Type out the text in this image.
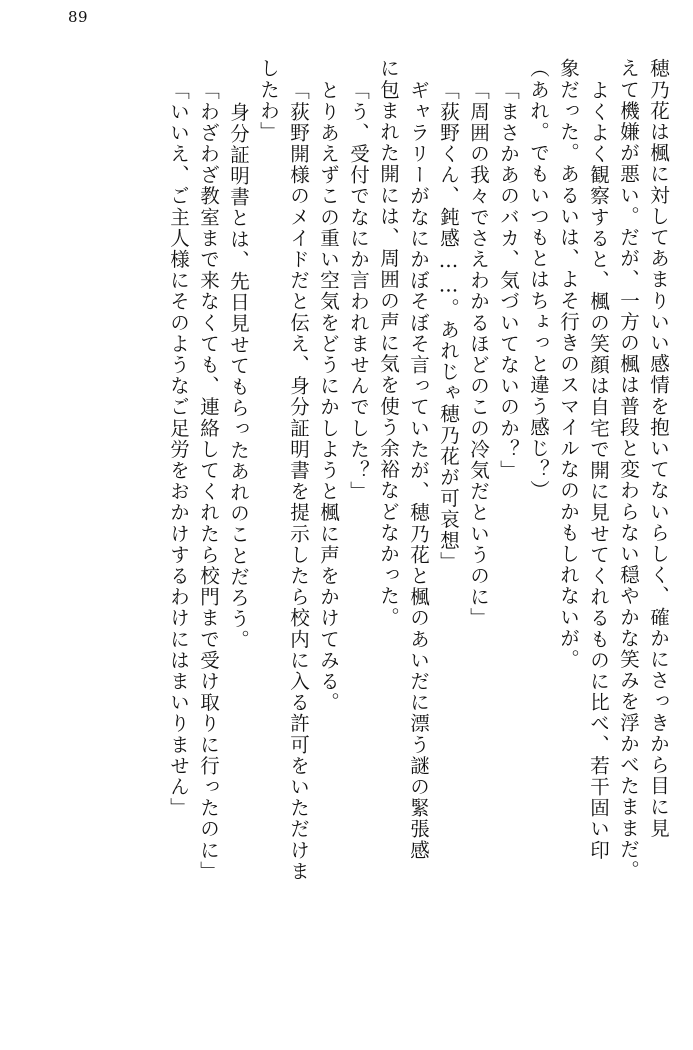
89
穂乃花は楓に対してあまりいい感情を抱いてないらしく、確かにさっきから目に見
えて機嫌が悪い。だが、一方の楓は普段と変わらない穏やかな笑みを浮かべたままだ。
よくよく観察すると、楓の笑顔は自宅で開に見せてくれるものに比べ、若干固い印
象だった。あるいは、よそ行きのスマイルなのかもしれないが。
（あれ。でもいつもとはちょっと違う感じ？）
「まさかあのバカ、気づいてないのか？」
「周囲の我々でさえわかるほどのこの冷気だというのに」
「荻野くん、鈍感……。あれじゃ穂乃花が可哀想」
ギャラリーがなにかぼそぼそ言っていたが、穂乃花と楓のあいだに漂う謎の緊張感
に包まれた開には、周囲の声に気を使う余裕などなかった。
「う、受付でなにか言われませんでした？」
とりあえずこの重い空気をどうにかしようと楓に声をかけてみる。
「荻野開様のメイドだと伝え、身分証明書を提示したら校内に入る許可をいただけま
したわ」
身分証明書とは、先日見せてもらったあれのことだろう。
「わざわざ教室まで来なくても、連絡してくれたら校門まで受け取りに行ったのに」
「いいえ、ご主人様にそのようなご足労をおかけするわけにはまいりません」
